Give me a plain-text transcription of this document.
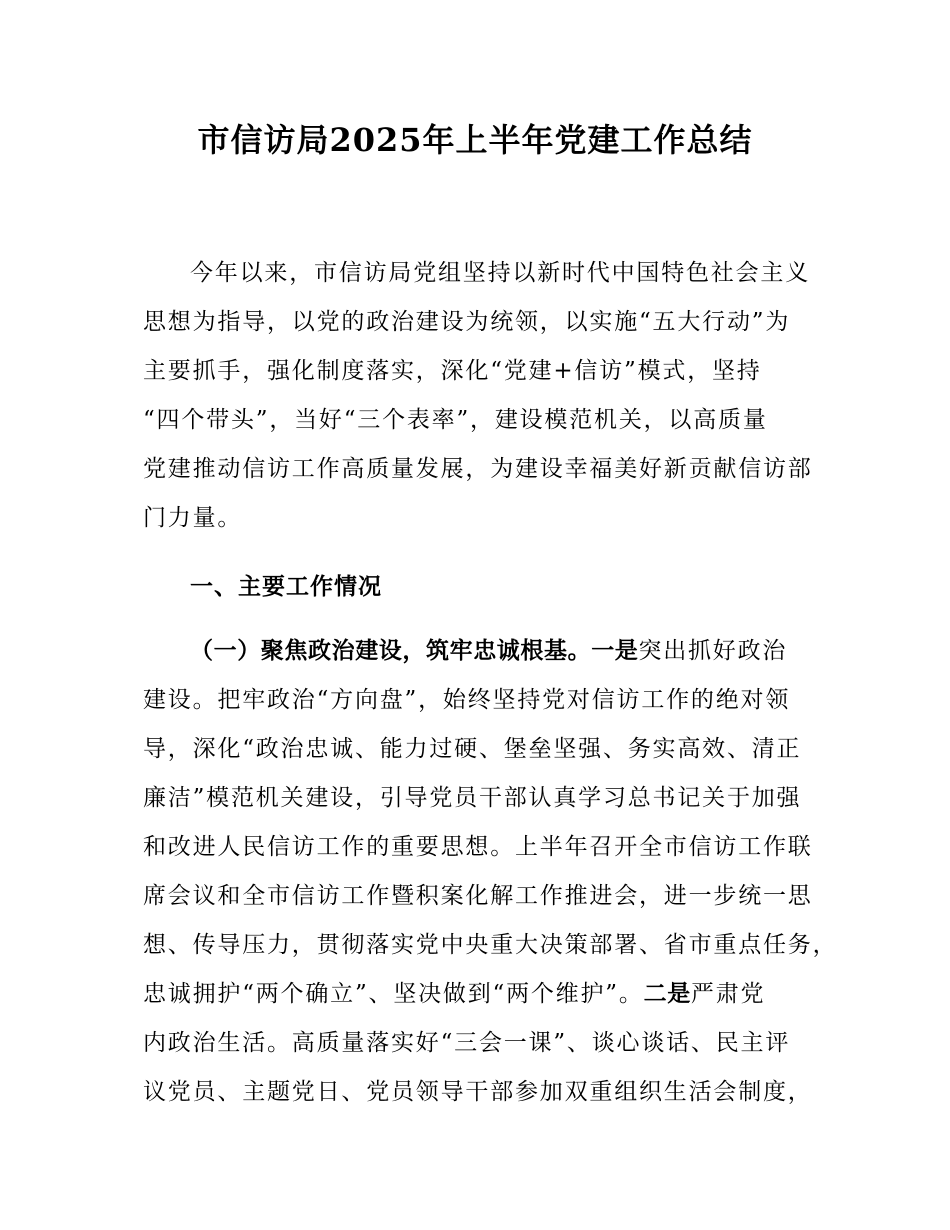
市信访局2025年上半年党建工作总结
今年以来，市信访局党组坚持以新时代中国特色社会主义
思想为指导，以党的政治建设为统领，以实施“五大行动”为
主要抓手，强化制度落实，深化“党建+信访”模式，坚持
“四个带头”，当好“三个表率”，建设模范机关，以高质量
党建推动信访工作高质量发展，为建设幸福美好新贡献信访部
门力量。
一、主要工作情况
（一）聚焦政治建设，筑牢忠诚根基。一是突出抓好政治
建设。把牢政治“方向盘”，始终坚持党对信访工作的绝对领
导，深化“政治忠诚、能力过硬、堡垒坚强、务实高效、清正
廉洁”模范机关建设，引导党员干部认真学习总书记关于加强
和改进人民信访工作的重要思想。上半年召开全市信访工作联
席会议和全市信访工作暨积案化解工作推进会，进一步统一思
想、传导压力，贯彻落实党中央重大决策部署、省市重点任务，
忠诚拥护“两个确立”、坚决做到“两个维护”。二是严肃党
内政治生活。高质量落实好“三会一课”、谈心谈话、民主评
议党员、主题党日、党员领导干部参加双重组织生活会制度，
